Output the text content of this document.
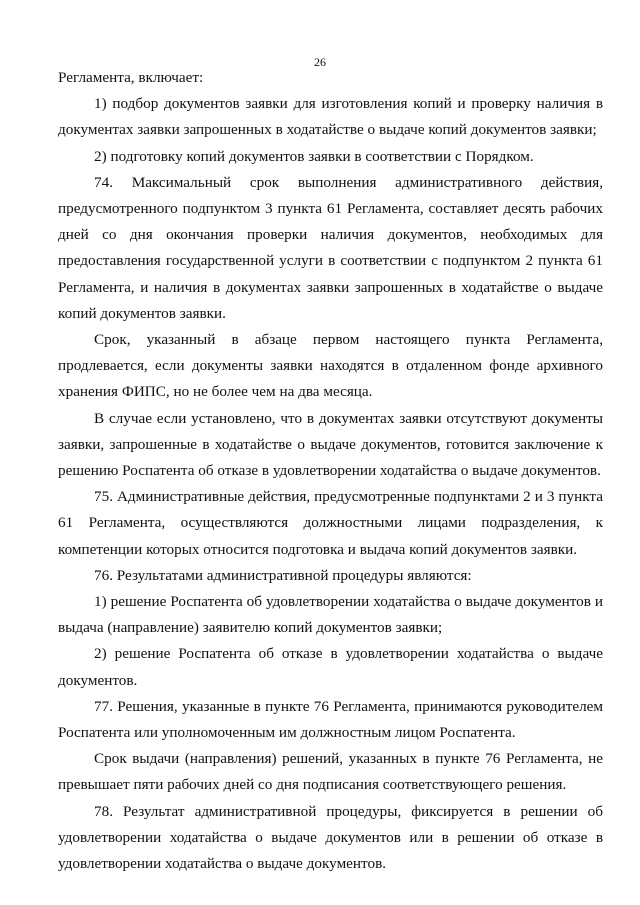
26

Регламента, включает:

1) подбор документов заявки для изготовления копий и проверку наличия в документах заявки запрошенных в ходатайстве о выдаче копий документов заявки;

2) подготовку копий документов заявки в соответствии с Порядком.

74. Максимальный срок выполнения административного действия, предусмотренного подпунктом 3 пункта 61 Регламента, составляет десять рабочих дней со дня окончания проверки наличия документов, необходимых для предоставления государственной услуги в соответствии с подпунктом 2 пункта 61 Регламента, и наличия в документах заявки запрошенных в ходатайстве о выдаче копий документов заявки.

Срок, указанный в абзаце первом настоящего пункта Регламента, продлевается, если документы заявки находятся в отдаленном фонде архивного хранения ФИПС, но не более чем на два месяца.

В случае если установлено, что в документах заявки отсутствуют документы заявки, запрошенные в ходатайстве о выдаче документов, готовится заключение к решению Роспатента об отказе в удовлетворении ходатайства о выдаче документов.

75. Административные действия, предусмотренные подпунктами 2 и 3 пункта 61 Регламента, осуществляются должностными лицами подразделения, к компетенции которых относится подготовка и выдача копий документов заявки.

76. Результатами административной процедуры являются:

1) решение Роспатента об удовлетворении ходатайства о выдаче документов и выдача (направление) заявителю копий документов заявки;

2) решение Роспатента об отказе в удовлетворении ходатайства о выдаче документов.

77. Решения, указанные в пункте 76 Регламента, принимаются руководителем Роспатента или уполномоченным им должностным лицом Роспатента.

Срок выдачи (направления) решений, указанных в пункте 76 Регламента, не превышает пяти рабочих дней со дня подписания соответствующего решения.

78. Результат административной процедуры, фиксируется в решении об удовлетворении ходатайства о выдаче документов или в решении об отказе в удовлетворении ходатайства о выдаче документов.
